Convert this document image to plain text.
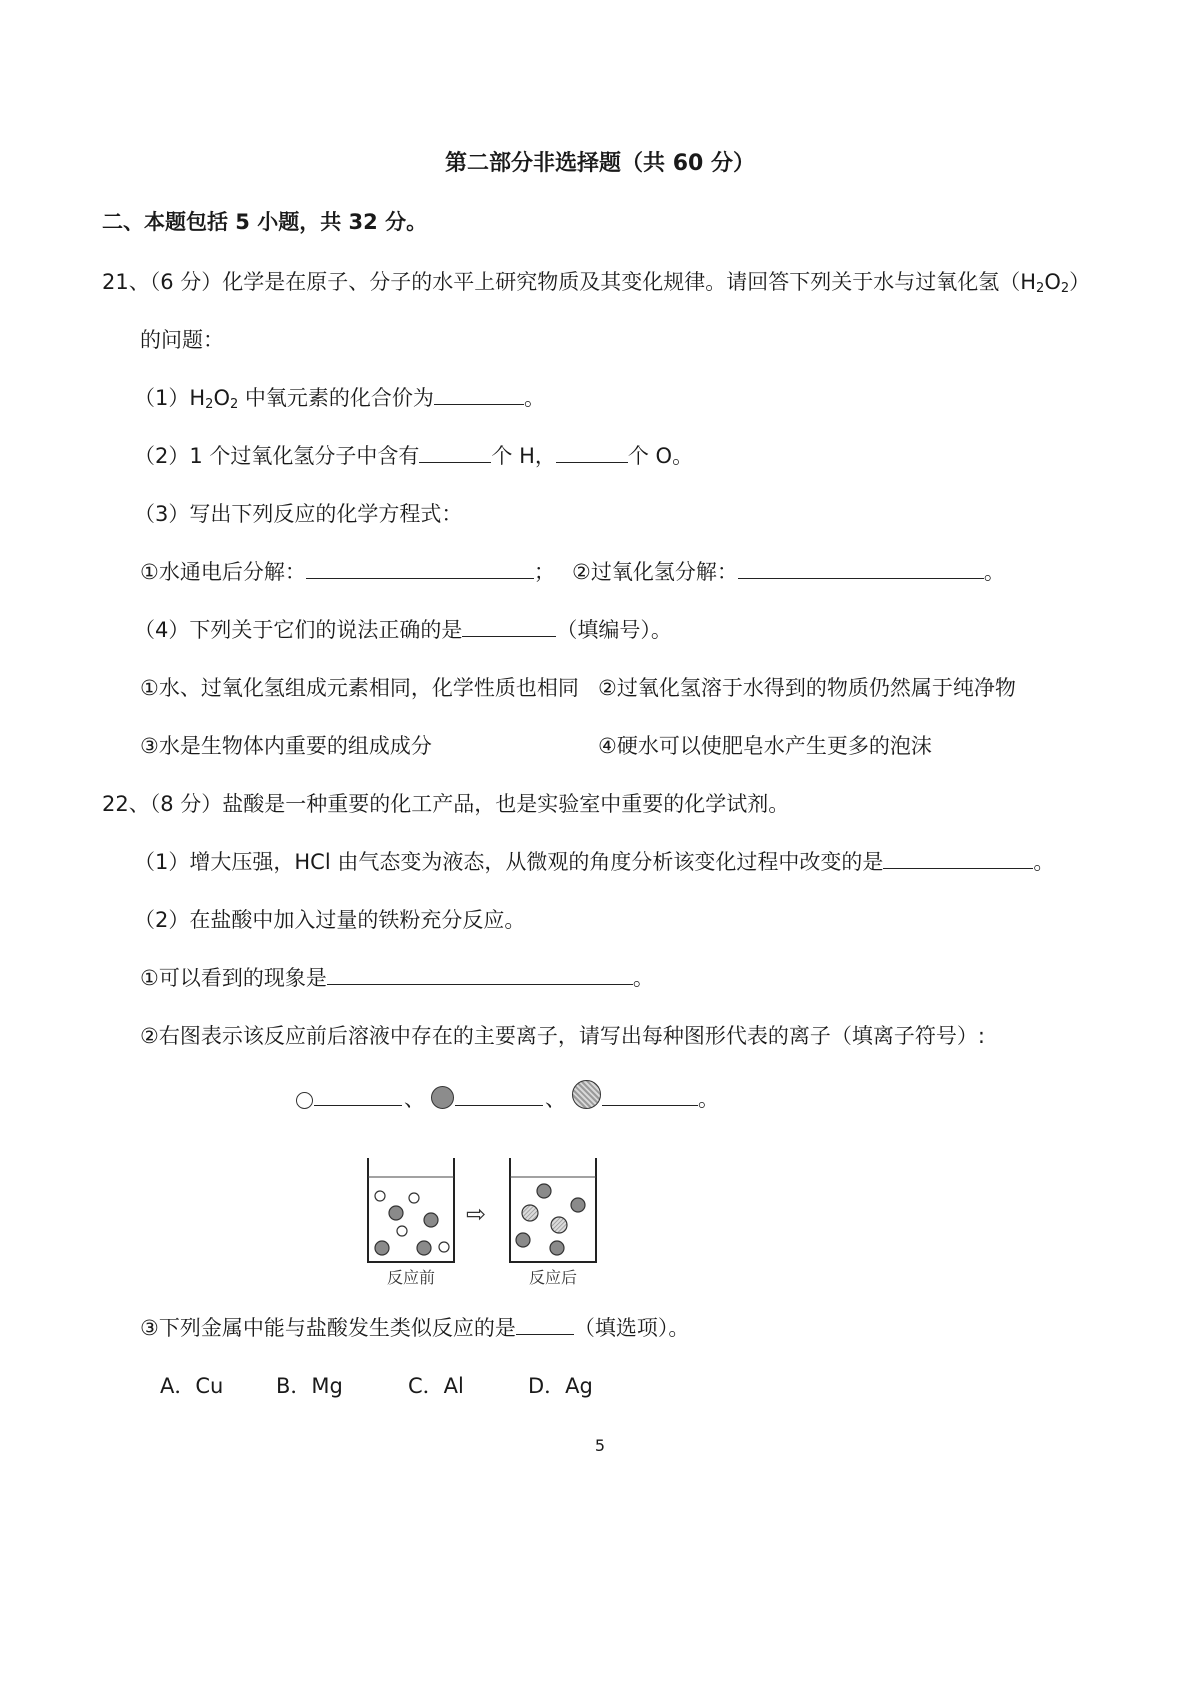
第二部分非选择题（共 60 分）
二、本题包括 5 小题，共 32 分。
21、（6 分）化学是在原子、分子的水平上研究物质及其变化规律。请回答下列关于水与过氧化氢$(H_2O_2)$
的问题：
$(1)H_2O_2$ 中氧元素的化合价为	。
（2）1 个过氧化氢分子中含有	个 H，	个 O。
（3）写出下列反应的化学方程式：
①水通电后分解：	； ②过氧化氢分解：	。
（4）下列关于它们的说法正确的是	（填编号）。
①水、过氧化氢组成元素相同，化学性质也相同 ②过氧化氢溶于水得到的物质仍然属于纯净物
③水是生物体内重要的组成成分	④硬水可以使肥皂水产生更多的泡沫
22、（8 分）盐酸是一种重要的化工产品，也是实验室中重要的化学试剂。
（1）增大压强，HCl 由气态变为液态，从微观的角度分析该变化过程中改变的是	。
（2）在盐酸中加入过量的铁粉充分反应。
①可以看到的现象是	。
②右图表示该反应前后溶液中存在的主要离子，请写出每种图形代表的离子（填离子符号）:
、	、	。
⇨
反应前	反应后
③下列金属中能与盐酸发生类似反应的是	（填选项）。
A．Cu	B．Mg	C．Al	D．Ag
5
